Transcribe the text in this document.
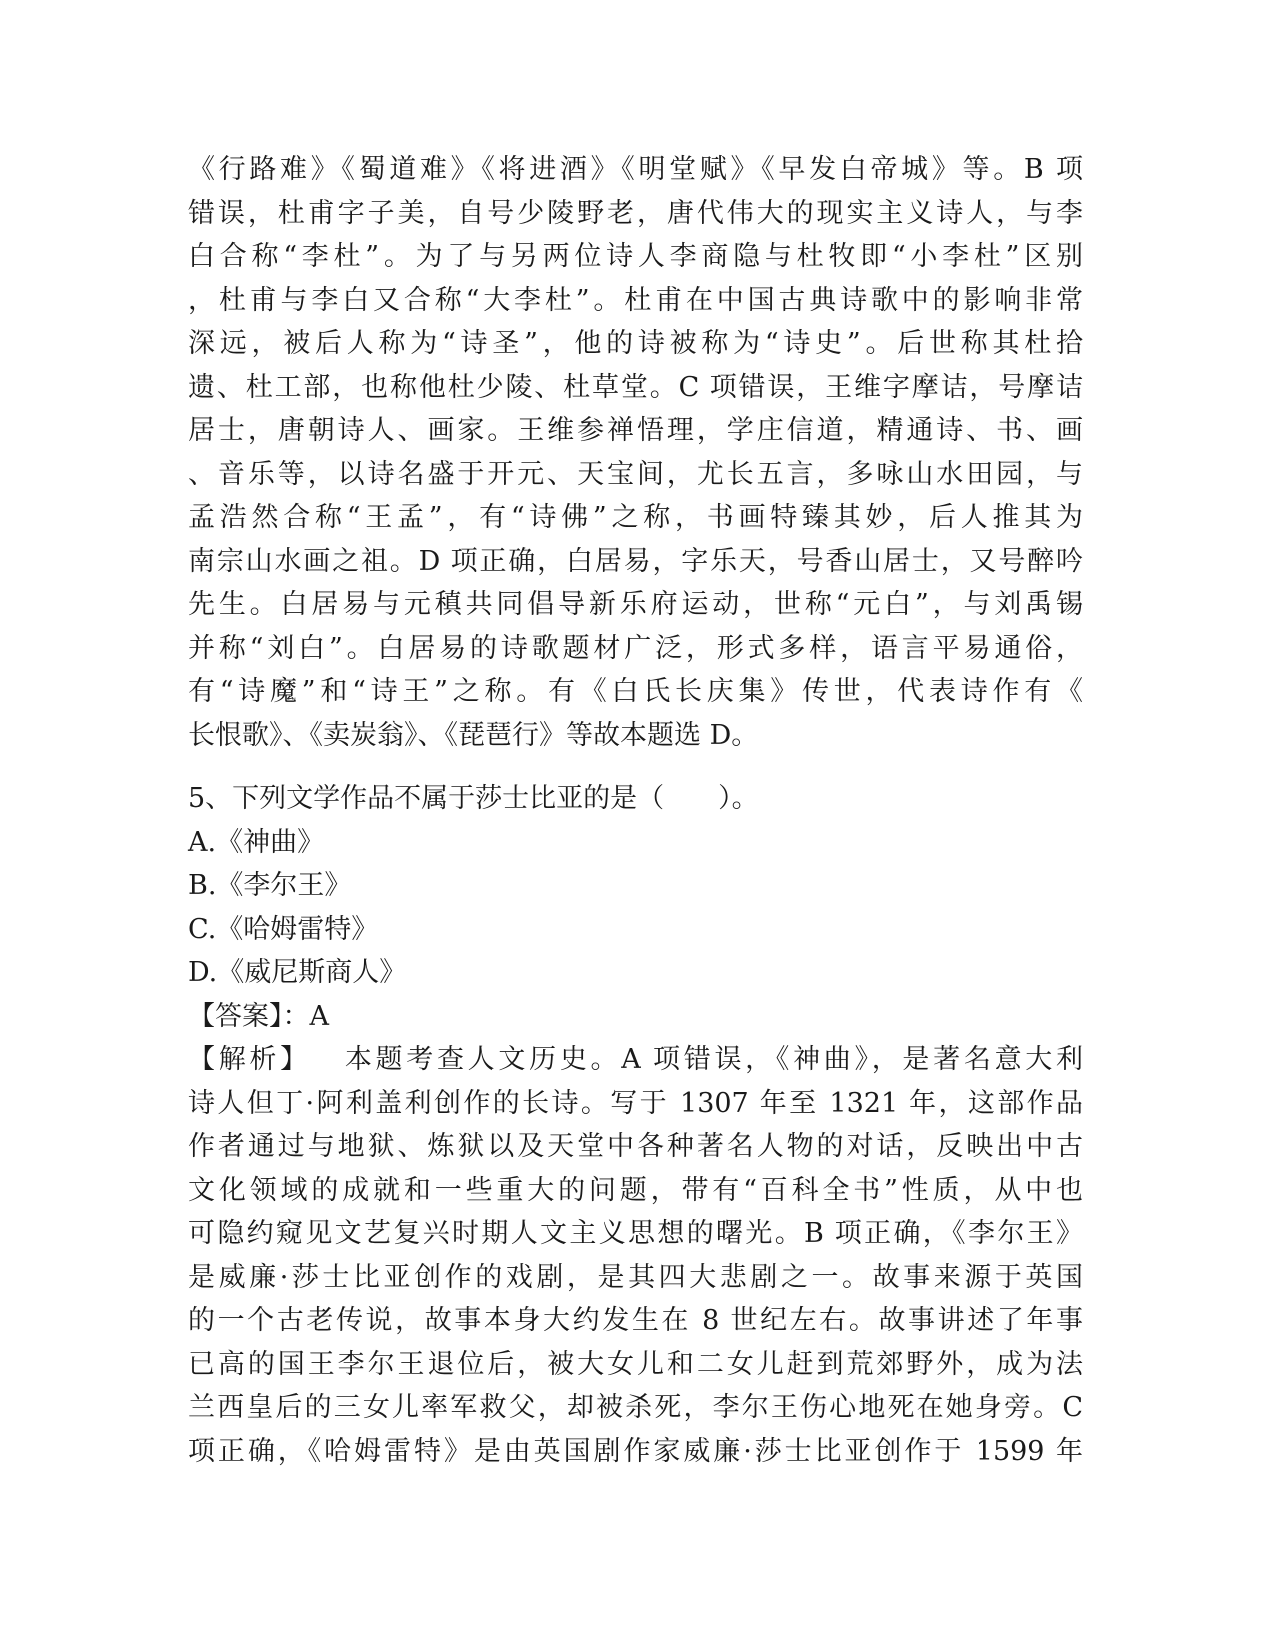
《行路难》《蜀道难》《将进酒》《明堂赋》《早发白帝城》等。B 项
错误，杜甫字子美，自号少陵野老，唐代伟大的现实主义诗人，与李
白合称“李杜”。为了与另两位诗人李商隐与杜牧即“小李杜”区别
，杜甫与李白又合称“大李杜”。杜甫在中国古典诗歌中的影响非常
深远，被后人称为“诗圣”，他的诗被称为“诗史”。后世称其杜拾
遗、杜工部，也称他杜少陵、杜草堂。C 项错误，王维字摩诘，号摩诘
居士，唐朝诗人、画家。王维参禅悟理，学庄信道，精通诗、书、画
、音乐等，以诗名盛于开元、天宝间，尤长五言，多咏山水田园，与
孟浩然合称“王孟”，有“诗佛”之称，书画特臻其妙，后人推其为
南宗山水画之祖。D 项正确，白居易，字乐天，号香山居士，又号醉吟
先生。白居易与元稹共同倡导新乐府运动，世称“元白”，与刘禹锡
并称“刘白”。白居易的诗歌题材广泛，形式多样，语言平易通俗，
有“诗魔”和“诗王”之称。有《白氏长庆集》传世，代表诗作有《
长恨歌》、《卖炭翁》、《琵琶行》等故本题选 D。
5、下列文学作品不属于莎士比亚的是（　　）。
A.《神曲》
B.《李尔王》
C.《哈姆雷特》
D.《威尼斯商人》
【答案】：A
【解析】 本题考查人文历史。A 项错误，《神曲》，是著名意大利
诗人但丁·阿利盖利创作的长诗。写于 1307 年至 1321 年，这部作品
作者通过与地狱、炼狱以及天堂中各种著名人物的对话，反映出中古
文化领域的成就和一些重大的问题，带有“百科全书”性质，从中也
可隐约窥见文艺复兴时期人文主义思想的曙光。B 项正确，《李尔王》
是威廉·莎士比亚创作的戏剧，是其四大悲剧之一。故事来源于英国
的一个古老传说，故事本身大约发生在 8 世纪左右。故事讲述了年事
已高的国王李尔王退位后，被大女儿和二女儿赶到荒郊野外，成为法
兰西皇后的三女儿率军救父，却被杀死，李尔王伤心地死在她身旁。C
项正确，《哈姆雷特》是由英国剧作家威廉·莎士比亚创作于 1599 年
